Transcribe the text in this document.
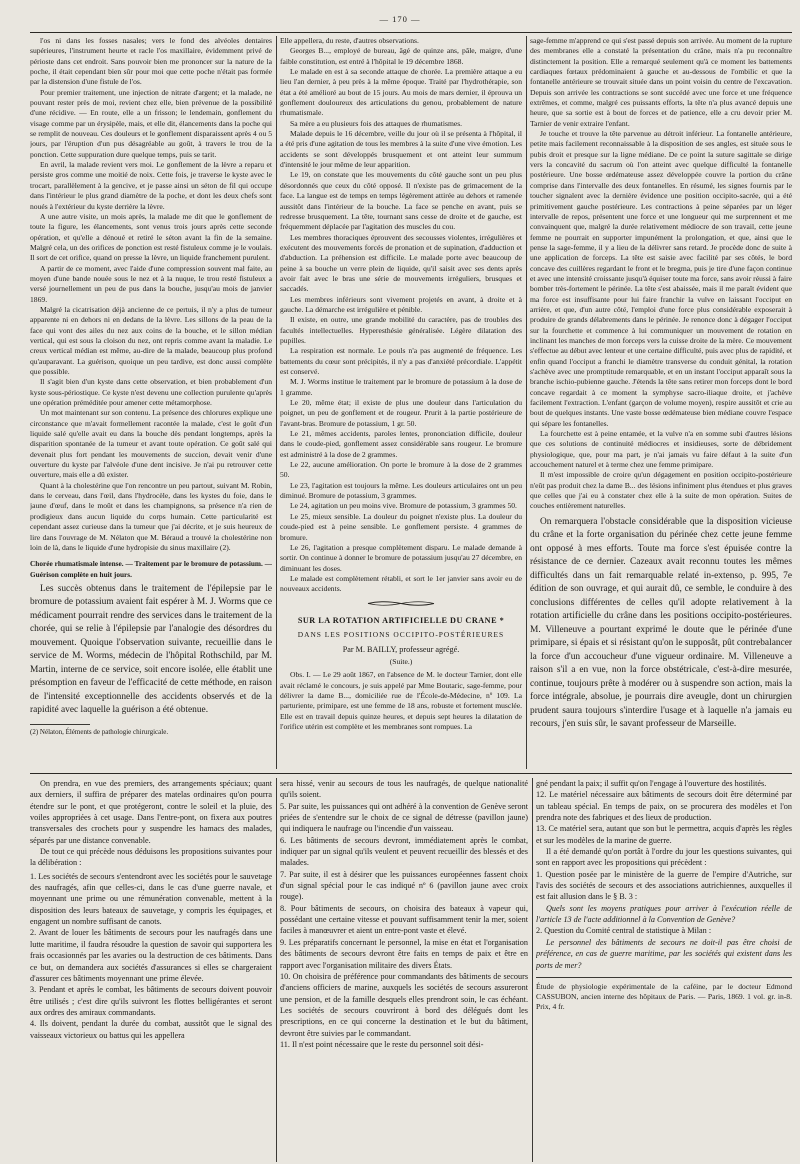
— 170 —

l'os ni dans les fosses nasales; vers le fond des alvéoles dentaires supérieures, l'instrument heurte et racle l'os maxillaire, évidemment privé de périoste dans cet endroit. Sans pouvoir bien me prononcer sur la nature de la poche, il était cependant bien sûr pour moi que cette poche n'était pas formée par la distension d'une fistule de l'os.

Pour premier traitement, une injection de nitrate d'argent; et la malade, ne pouvant rester près de moi, revient chez elle, bien prévenue de la possibilité d'une récidive. — En route, elle a un frisson; le lendemain, gonflement du visage comme par un érysipèle, mais, et elle dit, élancements dans la poche qui se remplit de nouveau. Ces douleurs et le gonflement disparaissent après 4 ou 5 jours, par l'éruption d'un pus désagréable au goût, à travers le trou de la ponction. Cette suppuration dure quelque temps, puis se tarit.

En avril, la malade revient vers moi. Le gonflement de la lèvre a reparu et persiste gros comme une moitié de noix. Cette fois, je traverse le kyste avec le trocart, parallèlement à la gencive, et je passe ainsi un séton de fil qui occupe dans l'intérieur le plus grand diamètre de la poche, et dont les deux chefs sont noués à l'extérieur du kyste derrière la lèvre.

A une autre visite, un mois après, la malade me dit que le gonflement de toute la figure, les élancements, sont venus trois jours après cette seconde opération, et qu'elle a dénoué et retiré le séton avant la fin de la semaine. Malgré cela, un des orifices de ponction est resté fistuleux comme je le voulais. Il sort de cet orifice, quand on presse la lèvre, un liquide franchement purulent.

A partir de ce moment, avec l'aide d'une compression souvent mal faite, au moyen d'une bande nouée sous le nez et à la nuque, le trou resté fistuleux a versé journellement un peu de pus dans la bouche, jusqu'au mois de janvier 1869.

Malgré la cicatrisation déjà ancienne de ce pertuis, il n'y a plus de tumeur apparente ni en dehors ni en dedans de la lèvre. Les sillons de la peau de la face qui vont des ailes du nez aux coins de la bouche, et le sillon médian vertical, qui est sous la cloison du nez, ont repris comme avant la maladie. Le creux vertical médian est même, au-dire de la malade, beaucoup plus profond qu'auparavant. La guérison, quoique un peu tardive, est donc aussi complète que possible.

Il s'agit bien d'un kyste dans cette observation, et bien probablement d'un kyste sous-périostique. Ce kyste n'est devenu une collection purulente qu'après une opération préméditée pour amener cette métamorphose.

Un mot maintenant sur son contenu. La présence des chlorures explique une circonstance que m'avait formellement racontée la malade, c'est le goût d'un liquide salé qu'elle avait eu dans la bouche dès pendant longtemps, après la disparition spontanée de la tumeur et avant toute opération. Ce goût salé qui devenait plus fort pendant les mouvements de succion, devait venir d'une ouverture du kyste par l'alvéole d'une dent incisive. Je n'ai pu retrouver cette ouverture, mais elle a dû exister.

Quant à la cholestérine que l'on rencontre un peu partout, suivant M. Robin, dans le cerveau, dans l'œil, dans l'hydrocèle, dans les kystes du foie, dans le jaune d'œuf, dans le moût et dans les champignons, sa présence n'a rien de prodigieux dans aucun liquide du corps humain. Cette particularité est cependant assez curieuse dans la tumeur que j'ai décrite, et je suis heureux de lire dans l'ouvrage de M. Nélaton que M. Béraud a trouvé la cholestérine non loin de là, dans le liquide d'une hydropisie du sinus maxillaire (2).

Chorée rhumatismale intense. — Traitement par le bromure de potassium. — Guérison complète en huit jours.

Les succès obtenus dans le traitement de l'épilepsie par le bromure de potassium avaient fait espérer à M. J. Worms que ce médicament pourrait rendre des services dans le traitement de la chorée, qui se relie à l'épilepsie par l'analogie des désordres du mouvement. Quoique l'observation suivante, recueillie dans le service de M. Worms, médecin de l'hôpital Rothschild, par M. Martin, interne de ce service, soit encore isolée, elle établit une présomption en faveur de l'efficacité de cette méthode, en raison de l'intensité exceptionnelle des accidents observés et de la rapidité avec laquelle la guérison a été obtenue.

(2) Nélaton, Éléments de pathologie chirurgicale.

Elle appellera, du reste, d'autres observations.

Georges B..., employé de bureau, âgé de quinze ans, pâle, maigre, d'une faible constitution, est entré à l'hôpital le 19 décembre 1868.

Le malade en est à sa seconde attaque de chorée. La première attaque a eu lieu l'an dernier, à peu près à la même époque. Traité par l'hydrothérapie, son état a été amélioré au bout de 15 jours. Au mois de mars dernier, il éprouva un gonflement douloureux des articulations du genou, probablement de nature rhumatismale.

Sa mère a eu plusieurs fois des attaques de rhumatismes.

Malade depuis le 16 décembre, veille du jour où il se présenta à l'hôpital, il a été pris d'une agitation de tous les membres à la suite d'une vive émotion. Les accidents se sont développés brusquement et ont atteint leur summum d'intensité le jour même de leur apparition.

Le 19, on constate que les mouvements du côté gauche sont un peu plus désordonnés que ceux du côté opposé. Il n'existe pas de grimacement de la face. La langue est de temps en temps légèrement attirée au dehors et ramenée aussitôt dans l'intérieur de la bouche. La face se penche en avant, puis se redresse brusquement. La tête, tournant sans cesse de droite et de gauche, est fréquemment déplacée par l'agitation des muscles du cou.

Les membres thoraciques éprouvent des secousses violentes, irrégulières et exécutent des mouvements forcés de pronation et de supination, d'adduction et d'abduction. La préhension est difficile. Le malade porte avec beaucoup de peine à sa bouche un verre plein de liquide, qu'il saisit avec ses dents après avoir fait avec le bras une série de mouvements irréguliers, brusques et saccadés.

Les membres inférieurs sont vivement projetés en avant, à droite et à gauche. La démarche est irrégulière et pénible.

Il existe, en outre, une grande mobilité du caractère, pas de troubles des facultés intellectuelles. Hyperesthésie généralisée. Légère dilatation des pupilles.

La respiration est normale. Le pouls n'a pas augmenté de fréquence. Les battements du cœur sont précipités, il n'y a pas d'anxiété précordiale. L'appétit est conservé.

M. J. Worms institue le traitement par le bromure de potassium à la dose de 1 gramme.

Le 20, même état; il existe de plus une douleur dans l'articulation du poignet, un peu de gonflement et de rougeur. Prurit à la partie postérieure de l'avant-bras. Bromure de potassium, 1 gr. 50.

Le 21, mêmes accidents, paroles lentes, prononciation difficile, douleur dans le coude-pied, gonflement assez considérable sans rougeur. Le bromure est administré à la dose de 2 grammes.

Le 22, aucune amélioration. On porte le bromure à la dose de 2 grammes 50.

Le 23, l'agitation est toujours la même. Les douleurs articulaires ont un peu diminué. Bromure de potassium, 3 grammes.

Le 24, agitation un peu moins vive. Bromure de potassium, 3 grammes 50.

Le 25, mieux sensible. La douleur du poignet n'existe plus. La douleur du coude-pied est à peine sensible. Le gonflement persiste. 4 grammes de bromure.

Le 26, l'agitation a presque complètement disparu. Le malade demande à sortir. On continue à donner le bromure de potassium jusqu'au 27 décembre, en diminuant les doses.

Le malade est complètement rétabli, et sort le 1er janvier sans avoir eu de nouveaux accidents.

SUR LA ROTATION ARTIFICIELLE DU CRANE *

DANS LES POSITIONS OCCIPITO-POSTÉRIEURES

Par M. BAILLY, professeur agrégé.

(Suite.)

Obs. I. — Le 29 août 1867, en l'absence de M. le docteur Tarnier, dont elle avait réclamé le concours, je suis appelé par Mme Boutaric, sage-femme, pour délivrer la dame B..., domiciliée rue de l'École-de-Médecine, nº 109. La parturiente, primipare, est une femme de 18 ans, robuste et fortement musclée. Elle est en travail depuis quinze heures, et depuis sept heures la dilatation de l'orifice utérin est complète et les membranes sont rompues. La

sage-femme m'apprend ce qui s'est passé depuis son arrivée. Au moment de la rupture des membranes elle a constaté la présentation du crâne, mais n'a pu reconnaître distinctement la position. Elle a remarqué seulement qu'à ce moment les battements cardiaques fœtaux prédominaient à gauche et au-dessous de l'ombilic et que la fontanelle antérieure se trouvait située dans un point voisin du centre de l'excavation. Depuis son arrivée les contractions se sont succédé avec une force et une fréquence extrêmes, et comme, malgré ces puissants efforts, la tête n'a plus avancé depuis une heure, que sa sortie est à bout de forces et de patience, elle a cru devoir prier M. Tarnier de venir extraire l'enfant.

Je touche et trouve la tête parvenue au détroit inférieur. La fontanelle antérieure, petite mais facilement reconnaissable à la disposition de ses angles, est située sous le pubis droit et presque sur la ligne médiane. De ce point la suture sagittale se dirige vers la concavité du sacrum où l'on atteint avec quelque difficulté la fontanelle postérieure. Une bosse œdémateuse assez développée couvre la portion du crâne comprise dans l'intervalle des deux fontanelles. En résumé, les signes fournis par le toucher signalent avec la dernière évidence une position occipito-sacrée, qui a été primitivement gauche postérieure. Les contractions à peine séparées par un léger intervalle de repos, présentent une force et une longueur qui me surprennent et me convainquent que, malgré la durée relativement médiocre de son travail, cette jeune femme ne pourrait en supporter impunément la prolongation, et que, ainsi que le pense la sage-femme, il y a lieu de la délivrer sans retard. Je procède donc de suite à une application de forceps. La tête est saisie avec facilité par ses côtés, le bord concave des cuillères regardant le front et le bregma, puis je tire d'une façon continue et avec une intensité croissante jusqu'à équiser toute ma force, sans avoir réussi à faire bomber très-fortement le périnée. La tête s'est abaissée, mais il me paraît évident que ma force est insuffisante pour lui faire franchir la vulve en laissant l'occiput en arrière, et que, d'un autre côté, l'emploi d'une force plus considérable exposerait à produire de grands délabrements dans le périnée. Je renonce donc à dégager l'occiput sur la fourchette et commence à lui communiquer un mouvement de rotation en inclinant les manches de mon forceps vers la cuisse droite de la mère. Ce mouvement s'effectue au début avec lenteur et une certaine difficulté, puis avec plus de rapidité, et enfin quand l'occiput a franchi le diamètre transverse du conduit génital, la rotation s'achève avec une promptitude remarquable, et en un instant l'occiput apparaît sous la branche ischio-pubienne gauche. J'étends la tête sans retirer mon forceps dont le bord concave regardait à ce moment la symphyse sacro-iliaque droite, et j'achève facilement l'extraction. L'enfant (garçon de volume moyen), respire aussitôt et crie au bout de quelques instants. Une vaste bosse œdémateuse bien médiane couvre l'espace qui sépare les fontanelles.

La fourchette est à peine entamée, et la vulve n'a en somme subi d'autres lésions que ces solutions de continuité médiocres et insidieuses, sorte de débridement physiologique, que, pour ma part, je n'ai jamais vu faire défaut à la suite d'un accouchement naturel et à terme chez une femme primipare.

Il m'est impossible de croire qu'un dégagement en position occipito-postérieure n'eût pas produit chez la dame B... des lésions infiniment plus étendues et plus graves que celles que j'ai eu à constater chez elle à la suite de mon opération. Suites de couches entièrement naturelles.

On remarquera l'obstacle considérable que la disposition vicieuse du crâne et la forte organisation du périnée chez cette jeune femme ont opposé à mes efforts. Toute ma force s'est épuisée contre la résistance de ce dernier. Cazeaux avait reconnu toutes les mêmes difficultés dans un fait remarquable relaté in-extenso, p. 995, 7e édition de son ouvrage, et qui aurait dû, ce semble, le conduire à des conclusions différentes de celles qu'il adopte relativement à la rotation artificielle du crâne dans les positions occipito-postérieures. M. Villeneuve a pourtant exprimé le doute que le périnée d'une primipare, si épais et si résistant qu'on le supposât, pût contrebalancer la force d'un accoucheur d'une vigueur ordinaire. M. Villeneuve a raison s'il a en vue, non la force obstétricale, c'est-à-dire mesurée, continue, toujours prête à modérer ou à suspendre son action, mais la force intégrale, absolue, je pourrais dire aveugle, dont un chirurgien prudent saura toujours s'interdire l'usage et à laquelle n'a jamais eu recours, j'en suis sûr, le savant professeur de Marseille.

On prendra, en vue des premiers, des arrangements spéciaux; quant aux derniers, il suffira de préparer des matelas ordinaires qu'on pourra étendre sur le pont, et que protégeront, contre le soleil et la pluie, des voiles appropriées à cet usage. Dans l'entre-pont, on fixera aux poutres transversales des crochets pour y suspendre les hamacs des malades, séparés par une distance convenable.

De tout ce qui précède nous déduisons les propositions suivantes pour la délibération :

1. Les sociétés de secours s'entendront avec les sociétés pour le sauvetage des naufragés, afin que celles-ci, dans le cas d'une guerre navale, et moyennant une prime ou une rémunération convenable, mettent à la disposition des leurs bateaux de sauvetage, y compris les équipages, et engagent un nombre suffisant de canots.

2. Avant de louer les bâtiments de secours pour les naufragés dans une lutte maritime, il faudra résoudre la question de savoir qui supportera les frais occasionnés par les avaries ou la destruction de ces bâtiments. Dans ce but, on demandera aux sociétés d'assurances si elles se chargeraient d'assurer ces bâtiments moyennant une prime élevée.

3. Pendant et après le combat, les bâtiments de secours doivent pouvoir être utilisés ; c'est dire qu'ils suivront les flottes belligérantes et seront aux ordres des amiraux commandants.

4. Ils doivent, pendant la durée du combat, aussitôt que le signal des vaisseaux victorieux ou battus qui les appellera

sera hissé, venir au secours de tous les naufragés, de quelque nationalité qu'ils soient.

5. Par suite, les puissances qui ont adhéré à la convention de Genève seront priées de s'entendre sur le choix de ce signal de détresse (pavillon jaune) qui indiquera le naufrage ou l'incendie d'un vaisseau.

6. Les bâtiments de secours devront, immédiatement après le combat, indiquer par un signal qu'ils veulent et peuvent recueillir des blessés et des malades.

7. Par suite, il est à désirer que les puissances européennes fassent choix d'un signal spécial pour le cas indiqué nº 6 (pavillon jaune avec croix rouge).

8. Pour bâtiments de secours, on choisira des bateaux à vapeur qui, possédant une certaine vitesse et pouvant suffisamment tenir la mer, soient faciles à manœuvrer et aient un entre-pont vaste et élevé.

9. Les préparatifs concernant le personnel, la mise en état et l'organisation des bâtiments de secours devront être faits en temps de paix et être en rapport avec l'organisation militaire des divers États.

10. On choisira de préférence pour commandants des bâtiments de secours d'anciens officiers de marine, auxquels les sociétés de secours assureront une pension, et de la famille desquels elles prendront soin, le cas échéant. Les sociétés de secours couvriront à bord des délégués dont les prescriptions, en ce qui concerne la destination et le but du bâtiment, devront être suivies par le commandant.

11. Il n'est point nécessaire que le reste du personnel soit dési-

gné pendant la paix; il suffit qu'on l'engage à l'ouverture des hostilités.

12. Le matériel nécessaire aux bâtiments de secours doit être déterminé par un tableau spécial. En temps de paix, on se procurera des modèles et l'on prendra note des fabriques et des lieux de production.

13. Ce matériel sera, autant que son but le permettra, acquis d'après les règles et sur les modèles de la marine de guerre.

Il a été demandé qu'on portât à l'ordre du jour les questions suivantes, qui sont en rapport avec les propositions qui précèdent :

1. Question posée par le ministère de la guerre de l'empire d'Autriche, sur l'avis des sociétés de secours et des associations autrichiennes, auxquelles il est fait allusion dans le § B. 3 :

Quels sont les moyens pratiques pour arriver à l'exécution réelle de l'article 13 de l'acte additionnel à la Convention de Genève?

2. Question du Comité central de statistique à Milan :

Le personnel des bâtiments de secours ne doit-il pas être choisi de préférence, en cas de guerre maritime, par les sociétés qui existent dans les ports de mer?

Étude de physiologie expérimentale de la caféine, par le docteur Edmond CASSUBON, ancien interne des hôpitaux de Paris. — Paris, 1869. 1 vol. gr. in-8. Prix, 4 fr.
